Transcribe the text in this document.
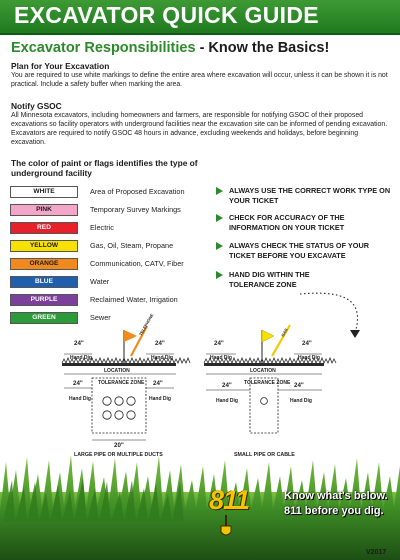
EXCAVATOR QUICK GUIDE
Excavator Responsibilities - Know the Basics!
Plan for Your Excavation
You are required to use white markings to define the entire area where excavation will occur, unless it can be shown it is not practical. Include a safety buffer when marking the area.
Notify GSOC
All Minnesota excavators, including homeowners and farmers, are responsible for notifying GSOC of their proposed excavations so facility operators with underground facilities near the excavation site can be informed of pending excavation. Excavators are required to notify GSOC 48 hours in advance, excluding weekends and holidays, before beginning excavation.
The color of paint or flags identifies the type of underground facility
WHITE	Area of Proposed Excavation
PINK	Temporary Survey Markings
RED	Electric
YELLOW	Gas, Oil, Steam, Propane
ORANGE	Communication, CATV, Fiber
BLUE	Water
PURPLE	Reclaimed Water, Irrigation
GREEN	Sewer
ALWAYS USE THE CORRECT WORK TYPE ON YOUR TICKET
CHECK FOR ACCURACY OF THE INFORMATION ON YOUR TICKET
ALWAYS CHECK THE STATUS OF YOUR TICKET BEFORE YOU EXCAVATE
HAND DIG WITHIN THE TOLERANCE ZONE
24"
Hand Dig
24"
Hand Dig
LOCATION
TOLERANCE ZONE
24"
Hand Dig
24"
Hand Dig
20"
LARGE PIPE OR MULTIPLE DUCTS
TELEPHONE
24"
Hand Dig
24"
Hand Dig
LOCATION
TOLERANCE ZONE
24"
Hand Dig
24"
Hand Dig
SMALL PIPE OR CABLE
GAS
811	Know what's below.
811 before you dig.
V2017
